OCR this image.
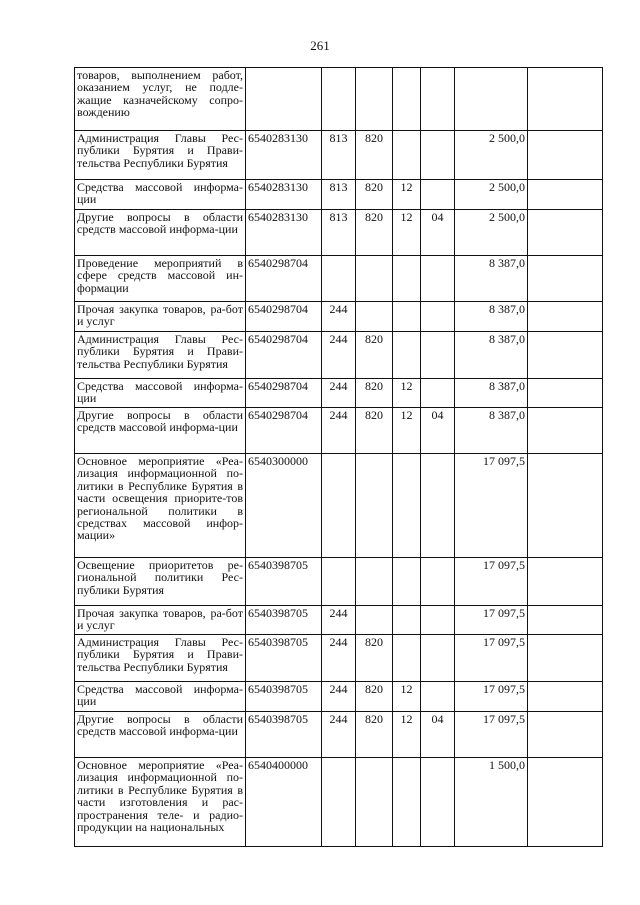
261
товаров, выполнением работ, оказанием услуг, не подле-жащие казначейскому сопро-вождению							
Администрация Главы Рес-публики Бурятия и Прави-тельства Республики Бурятия	6540283130	813	820			2 500,0	
Средства массовой информа-ции	6540283130	813	820	12		2 500,0	
Другие вопросы в области средств массовой информа-ции	6540283130	813	820	12	04	2 500,0	
Проведение мероприятий в сфере средств массовой ин-формации	6540298704					8 387,0	
Прочая закупка товаров, ра-бот и услуг	6540298704	244				8 387,0	
Администрация Главы Рес-публики Бурятия и Прави-тельства Республики Бурятия	6540298704	244	820			8 387,0	
Средства массовой информа-ции	6540298704	244	820	12		8 387,0	
Другие вопросы в области средств массовой информа-ции	6540298704	244	820	12	04	8 387,0	
Основное мероприятие «Реа-лизация информационной по-литики в Республике Бурятия в части освещения приорите-тов региональной политики в средствах массовой инфор-мации»	6540300000					17 097,5	
Освещение приоритетов ре-гиональной политики Рес-публики Бурятия	6540398705					17 097,5	
Прочая закупка товаров, ра-бот и услуг	6540398705	244				17 097,5	
Администрация Главы Рес-публики Бурятия и Прави-тельства Республики Бурятия	6540398705	244	820			17 097,5	
Средства массовой информа-ции	6540398705	244	820	12		17 097,5	
Другие вопросы в области средств массовой информа-ции	6540398705	244	820	12	04	17 097,5	
Основное мероприятие «Реа-лизация информационной по-литики в Республике Бурятия в части изготовления и рас-пространения теле- и радио-продукции на национальных	6540400000					1 500,0	
